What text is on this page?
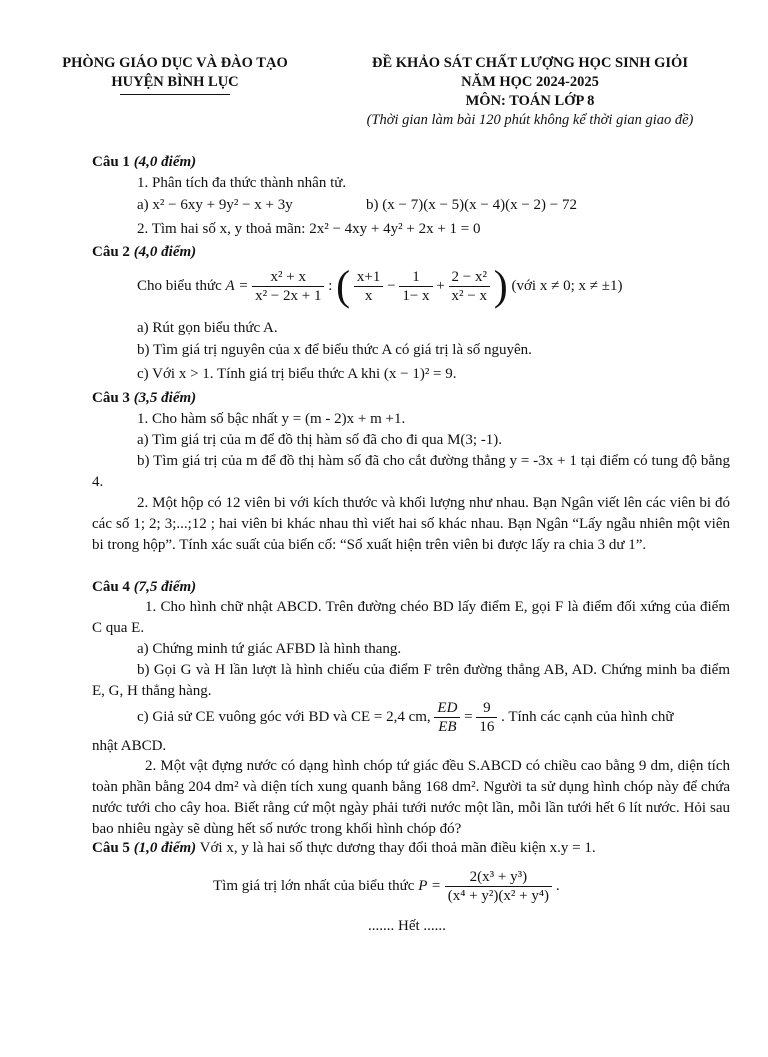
PHÒNG GIÁO DỤC VÀ ĐÀO TẠO
HUYỆN BÌNH LỤC
ĐỀ KHẢO SÁT CHẤT LƯỢNG HỌC SINH GIỎI
NĂM HỌC 2024-2025
MÔN: TOÁN LỚP 8
(Thời gian làm bài 120 phút không kể thời gian giao đề)
Câu 1 (4,0 điểm)
1. Phân tích đa thức thành nhân tử.
a) x² − 6xy + 9y² − x + 3y	b) (x − 7)(x − 5)(x − 4)(x − 2) − 72
2. Tìm hai số x, y thoả mãn: 2x² − 4xy + 4y² + 2x + 1 = 0
Câu 2 (4,0 điểm)
Cho biểu thức $A = \frac{\text{x² + x}}{\text{x² − 2x + 1}}$ : ( $\frac{x+1}{x} - \frac{1}{1- x} + \frac{\text{2 − x²}}{\text{x² − x}}$ ) (với x ≠ 0; x ≠ ±1)
a) Rút gọn biểu thức A.
b) Tìm giá trị nguyên của x để biểu thức A có giá trị là số nguyên.
c) Với x > 1. Tính giá trị biểu thức A khi (x − 1)² = 9.
Câu 3 (3,5 điểm)
1. Cho hàm số bậc nhất y = (m - 2)x + m +1.
a) Tìm giá trị của m để đồ thị hàm số đã cho đi qua M(3; -1).
b) Tìm giá trị của m để đồ thị hàm số đã cho cắt đường thẳng y = -3x + 1 tại điểm có tung độ bằng 4.
2. Một hộp có 12 viên bi với kích thước và khối lượng như nhau. Bạn Ngân viết lên các viên bi đó các số 1; 2; 3;...;12 ; hai viên bi khác nhau thì viết hai số khác nhau. Bạn Ngân “Lấy ngẫu nhiên một viên bi trong hộp”. Tính xác suất của biến cố: “Số xuất hiện trên viên bi được lấy ra chia 3 dư 1”.
Câu 4 (7,5 điểm)
1. Cho hình chữ nhật ABCD. Trên đường chéo BD lấy điểm E, gọi F là điểm đối xứng của điểm C qua E.
a) Chứng minh tứ giác AFBD là hình thang.
b) Gọi G và H lần lượt là hình chiếu của điểm F trên đường thẳng AB, AD. Chứng minh ba điểm E, G, H thẳng hàng.
c) Giả sử CE vuông góc với BD và CE = 2,4 cm, $\frac{ED}{EB} = \frac{9}{16}$ . Tính các cạnh của hình chữ
nhật ABCD.
2. Một vật đựng nước có dạng hình chóp tứ giác đều S.ABCD có chiều cao bằng 9 dm, diện tích toàn phần bằng 204 dm² và diện tích xung quanh bằng 168 dm². Người ta sử dụng hình chóp này để chứa nước tưới cho cây hoa. Biết rằng cứ một ngày phải tưới nước một lần, mỗi lần tưới hết 6 lít nước. Hỏi sau bao nhiêu ngày sẽ dùng hết số nước trong khối hình chóp đó?
Câu 5 (1,0 điểm) Với x, y là hai số thực dương thay đổi thoả mãn điều kiện x.y = 1.
Tìm giá trị lớn nhất của biểu thức $P = \frac{\text{2(x³ + y³)}}{\text{(x⁴ + y²)(x² + y⁴)}}$ .
....... Hết ......
